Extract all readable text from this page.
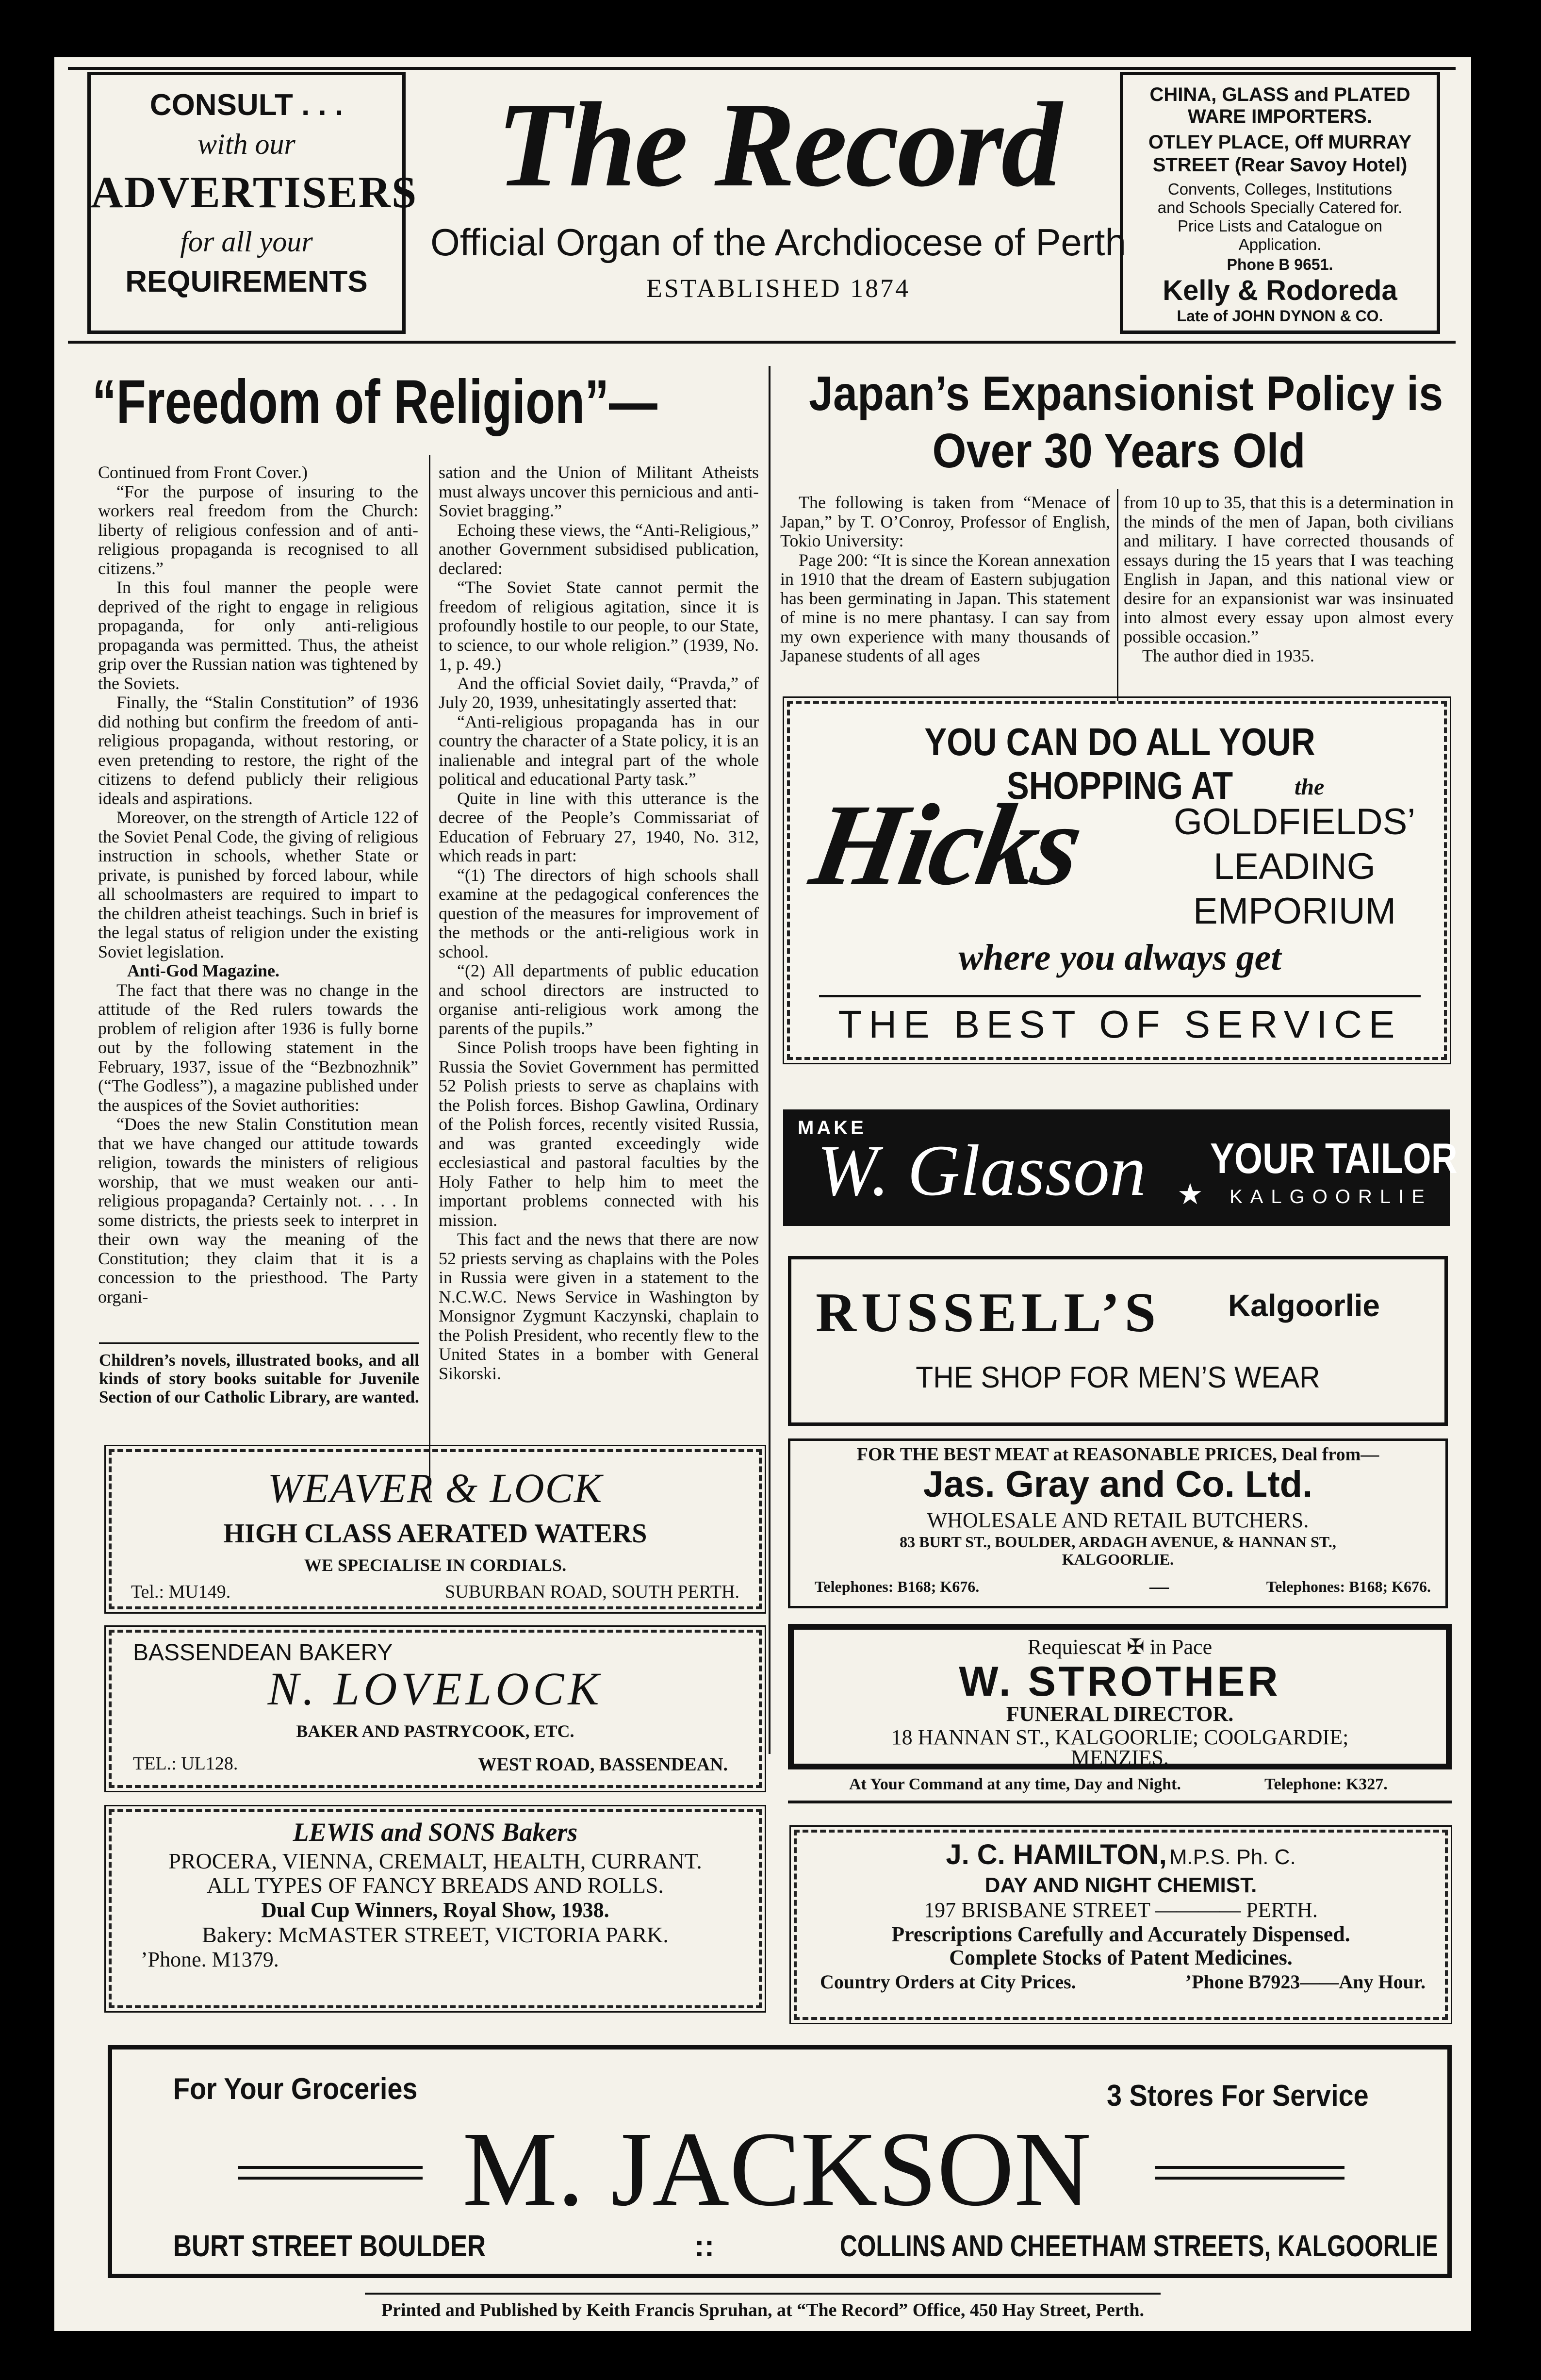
CONSULT . . .
with our
ADVERTISERS
for all your
REQUIREMENTS
The Record
Official Organ of the Archdiocese of Perth
ESTABLISHED 1874
CHINA, GLASS and PLATED
WARE IMPORTERS.
OTLEY PLACE, Off MURRAY
STREET (Rear Savoy Hotel)
Convents, Colleges, Institutions
and Schools Specially Catered for.
Price Lists and Catalogue on
Application.
Phone B 9651.
Kelly & Rodoreda
Late of JOHN DYNON & CO.
“Freedom of Religion”—

Continued from Front Cover.)

“For the purpose of insuring to the workers real freedom from the Church: liberty of religious confession and of anti-religious propaganda is recognised to all citizens.”

In this foul manner the people were deprived of the right to engage in religious propaganda, for only anti-religious propaganda was permitted. Thus, the atheist grip over the Russian nation was tightened by the Soviets.

Finally, the “Stalin Constitution” of 1936 did nothing but confirm the freedom of anti-religious propaganda, without restoring, or even pretending to restore, the right of the citizens to defend publicly their religious ideals and aspirations.

Moreover, on the strength of Article 122 of the Soviet Penal Code, the giving of religious instruction in schools, whether State or private, is punished by forced labour, while all schoolmasters are required to impart to the children atheist teachings. Such in brief is the legal status of religion under the existing Soviet legislation.

Anti-God Magazine.

The fact that there was no change in the attitude of the Red rulers towards the problem of religion after 1936 is fully borne out by the following statement in the February, 1937, issue of the “Bezbnozhnik” (“The Godless”), a magazine published under the auspices of the Soviet authorities:

“Does the new Stalin Constitution mean that we have changed our attitude towards religion, towards the ministers of religious worship, that we must weaken our anti-religious propaganda? Certainly not. . . . In some districts, the priests seek to interpret in their own way the meaning of the Constitution; they claim that it is a concession to the priesthood. The Party organi-

sation and the Union of Militant Atheists must always uncover this pernicious and anti-Soviet bragging.”

Echoing these views, the “Anti-Religious,” another Government subsidised publication, declared:

“The Soviet State cannot permit the freedom of religious agitation, since it is profoundly hostile to our people, to our State, to science, to our whole religion.” (1939, No. 1, p. 49.)

And the official Soviet daily, “Pravda,” of July 20, 1939, unhesitatingly asserted that:

“Anti-religious propaganda has in our country the character of a State policy, it is an inalienable and integral part of the whole political and educational Party task.”

Quite in line with this utterance is the decree of the People’s Commissariat of Education of February 27, 1940, No. 312, which reads in part:

“(1) The directors of high schools shall examine at the pedagogical conferences the question of the measures for improvement of the methods or the anti-religious work in school.

“(2) All departments of public education and school directors are instructed to organise anti-religious work among the parents of the pupils.”

Since Polish troops have been fighting in Russia the Soviet Government has permitted 52 Polish priests to serve as chaplains with the Polish forces. Bishop Gawlina, Ordinary of the Polish forces, recently visited Russia, and was granted exceedingly wide ecclesiastical and pastoral faculties by the Holy Father to help him to meet the important problems connected with his mission.

This fact and the news that there are now 52 priests serving as chaplains with the Poles in Russia were given in a statement to the N.C.W.C. News Service in Washington by Monsignor Zygmunt Kaczynski, chaplain to the Polish President, who recently flew to the United States in a bomber with General Sikorski.

Children’s novels, illustrated books, and all kinds of story books suitable for Juvenile Section of our Catholic Library, are wanted.
Japan’s Expansionist Policy is
Over 30 Years Old

The following is taken from “Menace of Japan,” by T. O’Conroy, Professor of English, Tokio University:

Page 200: “It is since the Korean annexation in 1910 that the dream of Eastern subjugation has been germinating in Japan. This statement of mine is no mere phantasy. I can say from my own experience with many thousands of Japanese students of all ages

from 10 up to 35, that this is a determination in the minds of the men of Japan, both civilians and military. I have corrected thousands of essays during the 15 years that I was teaching English in Japan, and this national view or desire for an expansionist war was insinuated into almost every essay upon almost every possible occasion.”

The author died in 1935.

YOU CAN DO ALL YOUR SHOPPING AT	the
Hicks	GOLDFIELDS’
LEADING
EMPORIUM
where you always get
THE BEST OF SERVICE
MAKE
W. Glasson YOUR TAILOR
KALGOORLIE
★
RUSSELL’S Kalgoorlie
THE SHOP FOR MEN’S WEAR
WEAVER & LOCK
HIGH CLASS AERATED WATERS
WE SPECIALISE IN CORDIALS.
Tel.: MU149.	SUBURBAN ROAD, SOUTH PERTH.
FOR THE BEST MEAT at REASONABLE PRICES, Deal from—
Jas. Gray and Co. Ltd.
WHOLESALE AND RETAIL BUTCHERS.
83 BURT ST., BOULDER, ARDAGH AVENUE, & HANNAN ST.,
KALGOORLIE.
Telephones: B168; K676.	—	Telephones: B168; K676.
Requiescat ✠ in Pace
W. STROTHER
FUNERAL DIRECTOR.
18 HANNAN ST., KALGOORLIE; COOLGARDIE;
MENZIES.
At Your Command at any time, Day and Night.	Telephone: K327.
BASSENDEAN BAKERY
N. LOVELOCK
BAKER AND PASTRYCOOK, ETC.
TEL.: UL128.	WEST ROAD, BASSENDEAN.
J. C. HAMILTON, M.P.S. Ph. C.
DAY AND NIGHT CHEMIST.
197 BRISBANE STREET ———— PERTH.
Prescriptions Carefully and Accurately Dispensed.
Complete Stocks of Patent Medicines.
Country Orders at City Prices.	’Phone B7923——Any Hour.
LEWIS and SONS Bakers
PROCERA, VIENNA, CREMALT, HEALTH, CURRANT.
ALL TYPES OF FANCY BREADS AND ROLLS.
Dual Cup Winners, Royal Show, 1938.
Bakery: McMASTER STREET, VICTORIA PARK.
’Phone. M1379.
For Your Groceries	3 Stores For Service
M. JACKSON
BURT STREET BOULDER	::	COLLINS AND CHEETHAM STREETS, KALGOORLIE
Printed and Published by Keith Francis Spruhan, at “The Record” Office, 450 Hay Street, Perth.
